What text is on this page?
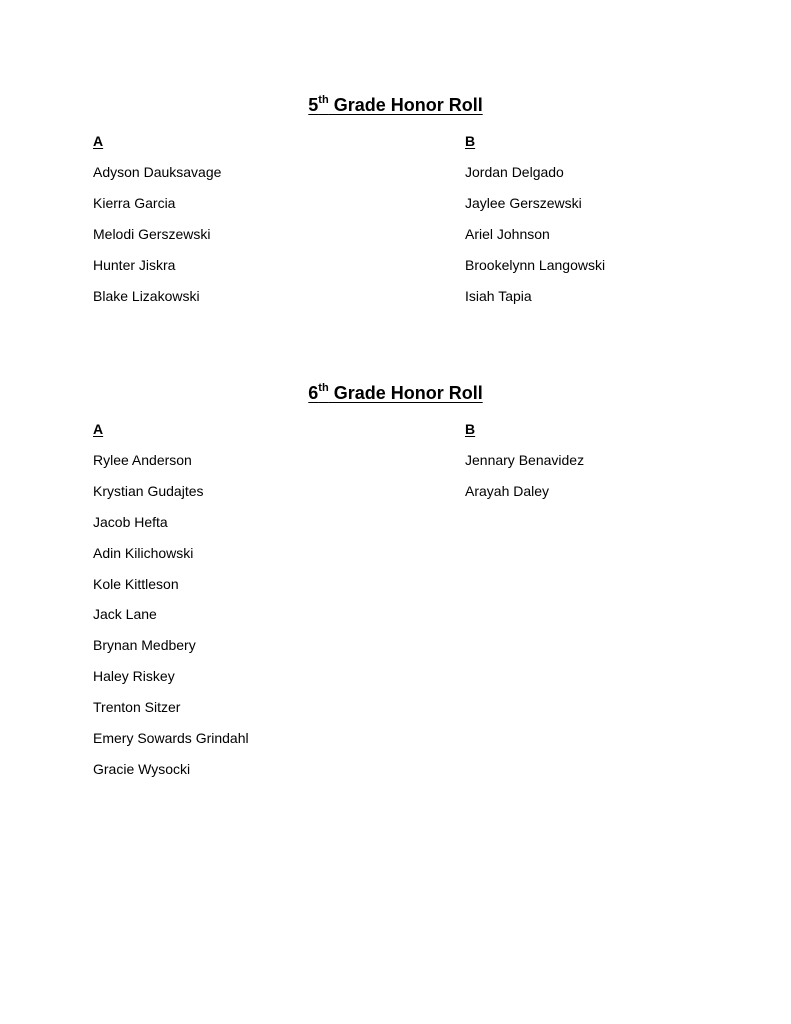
5th Grade Honor Roll
A
Adyson Dauksavage
Kierra Garcia
Melodi Gerszewski
Hunter Jiskra
Blake Lizakowski
B
Jordan Delgado
Jaylee Gerszewski
Ariel Johnson
Brookelynn Langowski
Isiah Tapia
6th Grade Honor Roll
A
Rylee Anderson
Krystian Gudajtes
Jacob Hefta
Adin Kilichowski
Kole Kittleson
Jack Lane
Brynan Medbery
Haley Riskey
Trenton Sitzer
Emery Sowards Grindahl
Gracie Wysocki
B
Jennary Benavidez
Arayah Daley
